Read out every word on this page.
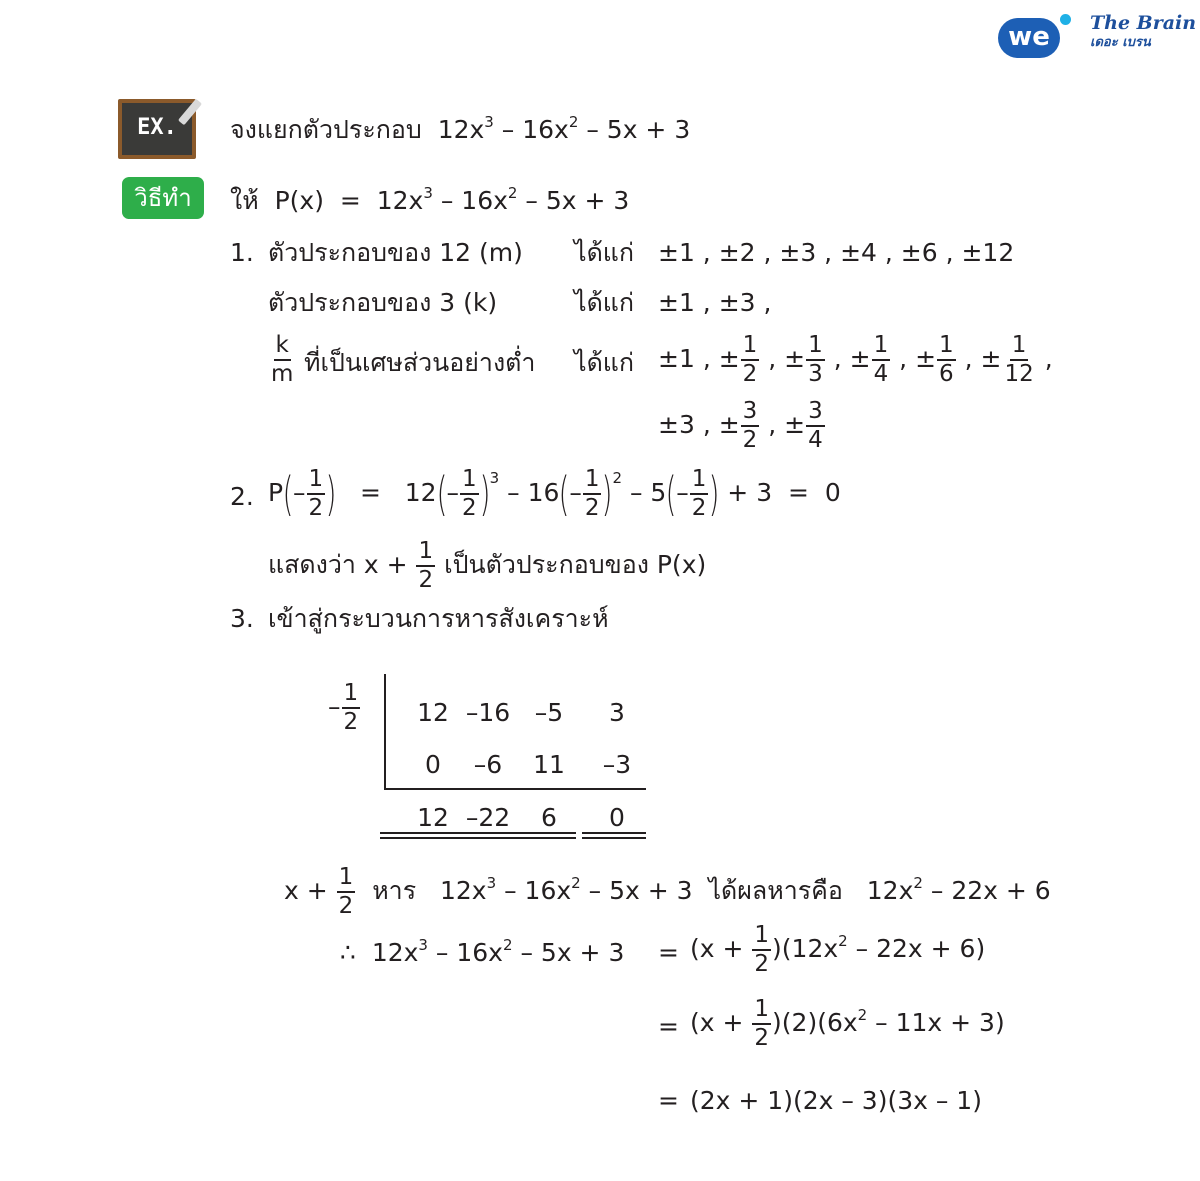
we	The Brain
เดอะ เบรน
EX.	จงแยกตัวประกอบ $12x^3 - 16x^2 - 5x + 3$
วิธีทำ	ให้ $P(x) = 12x^3 - 16x^2 - 5x + 3$
1. ตัวประกอบของ 12 (m) ได้แก่ ±1 , ±2 , ±3 , ±4 , ±6 , ±12
ตัวประกอบของ 3 (k)	ได้แก่ ±1 , ±3 ,
$\frac{k}{m}$ ที่เป็นเศษส่วนอย่างต่ำ ได้แก่ ±1 , ± $\frac{1}{2}$ , ± $\frac{1}{3}$ , ± $\frac{1}{4}$ , ± $\frac{1}{6}$ , ± $\frac{1}{12}$ ,
±3 , ± $\frac{3}{2}$ , ± $\frac{3}{4}$
2. $P(- \frac{1}{2}$ ) = $12(- \frac{1}{2} )3 - 16(- \frac{1}{2} )2 - 5(- \frac{1}{2}$ ) + 3 = 0
แสดงว่า $x + \frac{1}{2}$ เป็นตัวประกอบของ P(x)
3. เข้าสู่กระบวนการหารสังเคราะห์
– $\frac{1}{2}$	12 –16 –5	3
0	–6	11	–3
12 –22	6	0
$x + \frac{1}{2}$ หาร $12x^3 - 16x^2 - 5x + 3$ ได้ผลหารคือ $12x^2 - 22x + 6$
∴ $12x^3 - 16x^2 - 5x + 3 = (x + \frac{1}{2} )(12x^2 - 22x + 6)$
= $(x + \frac{1}{2} )(2)(6x^2 - 11x + 3)$
= (2x + 1)(2x – 3)(3x – 1)
